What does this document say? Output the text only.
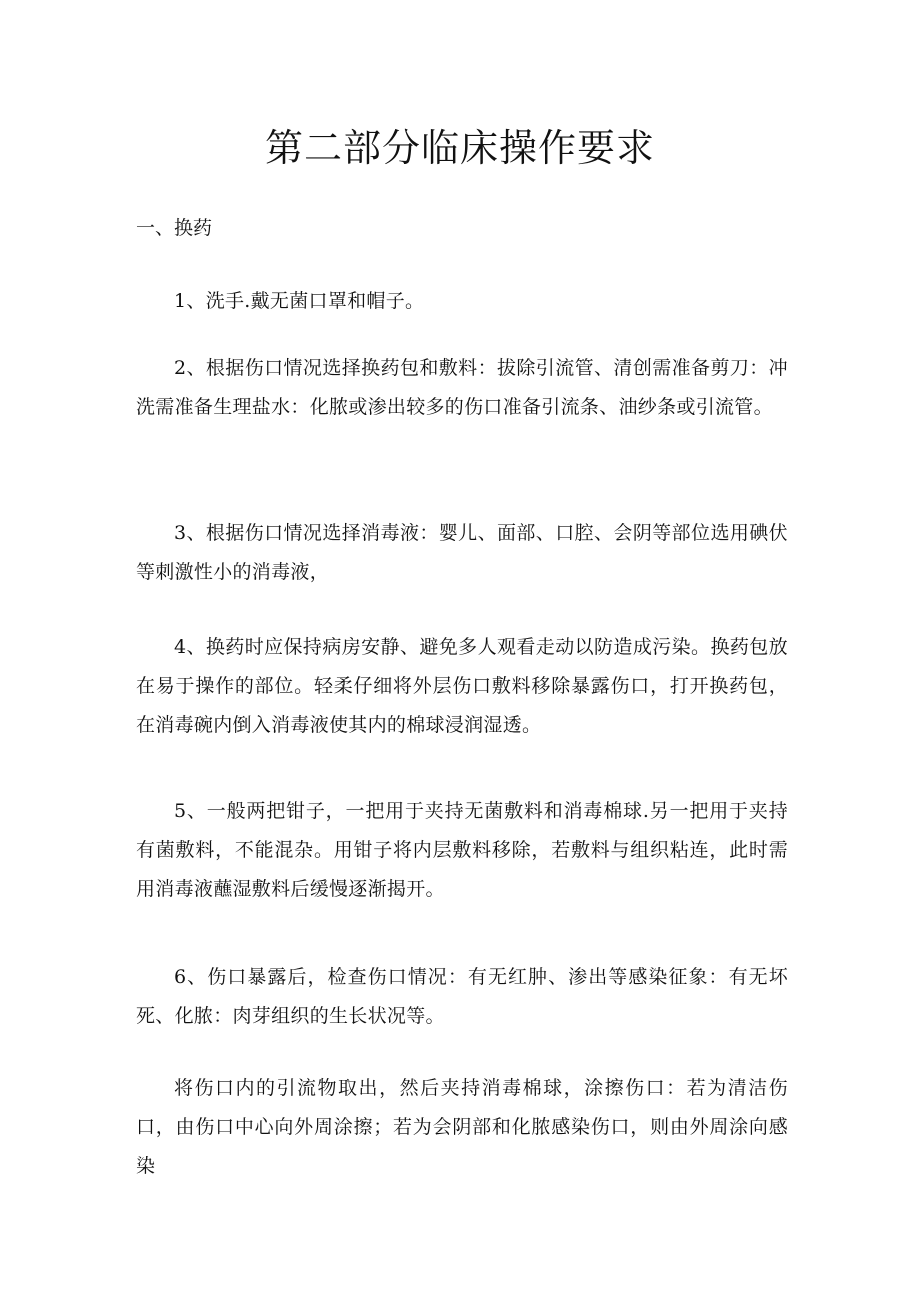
第二部分临床操作要求
一、换药

1、洗手.戴无菌口罩和帽子。

2、根据伤口情况选择换药包和敷料：拔除引流管、清创需准备剪刀：冲洗需准备生理盐水：化脓或渗出较多的伤口准备引流条、油纱条或引流管。

3、根据伤口情况选择消毒液：婴儿、面部、口腔、会阴等部位选用碘伏等刺激性小的消毒液，

4、换药时应保持病房安静、避免多人观看走动以防造成污染。换药包放在易于操作的部位。轻柔仔细将外层伤口敷料移除暴露伤口，打开换药包，在消毒碗内倒入消毒液使其内的棉球浸润湿透。

5、一般两把钳子，一把用于夹持无菌敷料和消毒棉球.另一把用于夹持有菌敷料，不能混杂。用钳子将内层敷料移除，若敷料与组织粘连，此时需用消毒液蘸湿敷料后缓慢逐渐揭开。

6、伤口暴露后，检查伤口情况：有无红肿、渗出等感染征象：有无坏死、化脓：肉芽组织的生长状况等。

将伤口内的引流物取出，然后夹持消毒棉球，涂擦伤口：若为清洁伤口，由伤口中心向外周涂擦；若为会阴部和化脓感染伤口，则由外周涂向感染
